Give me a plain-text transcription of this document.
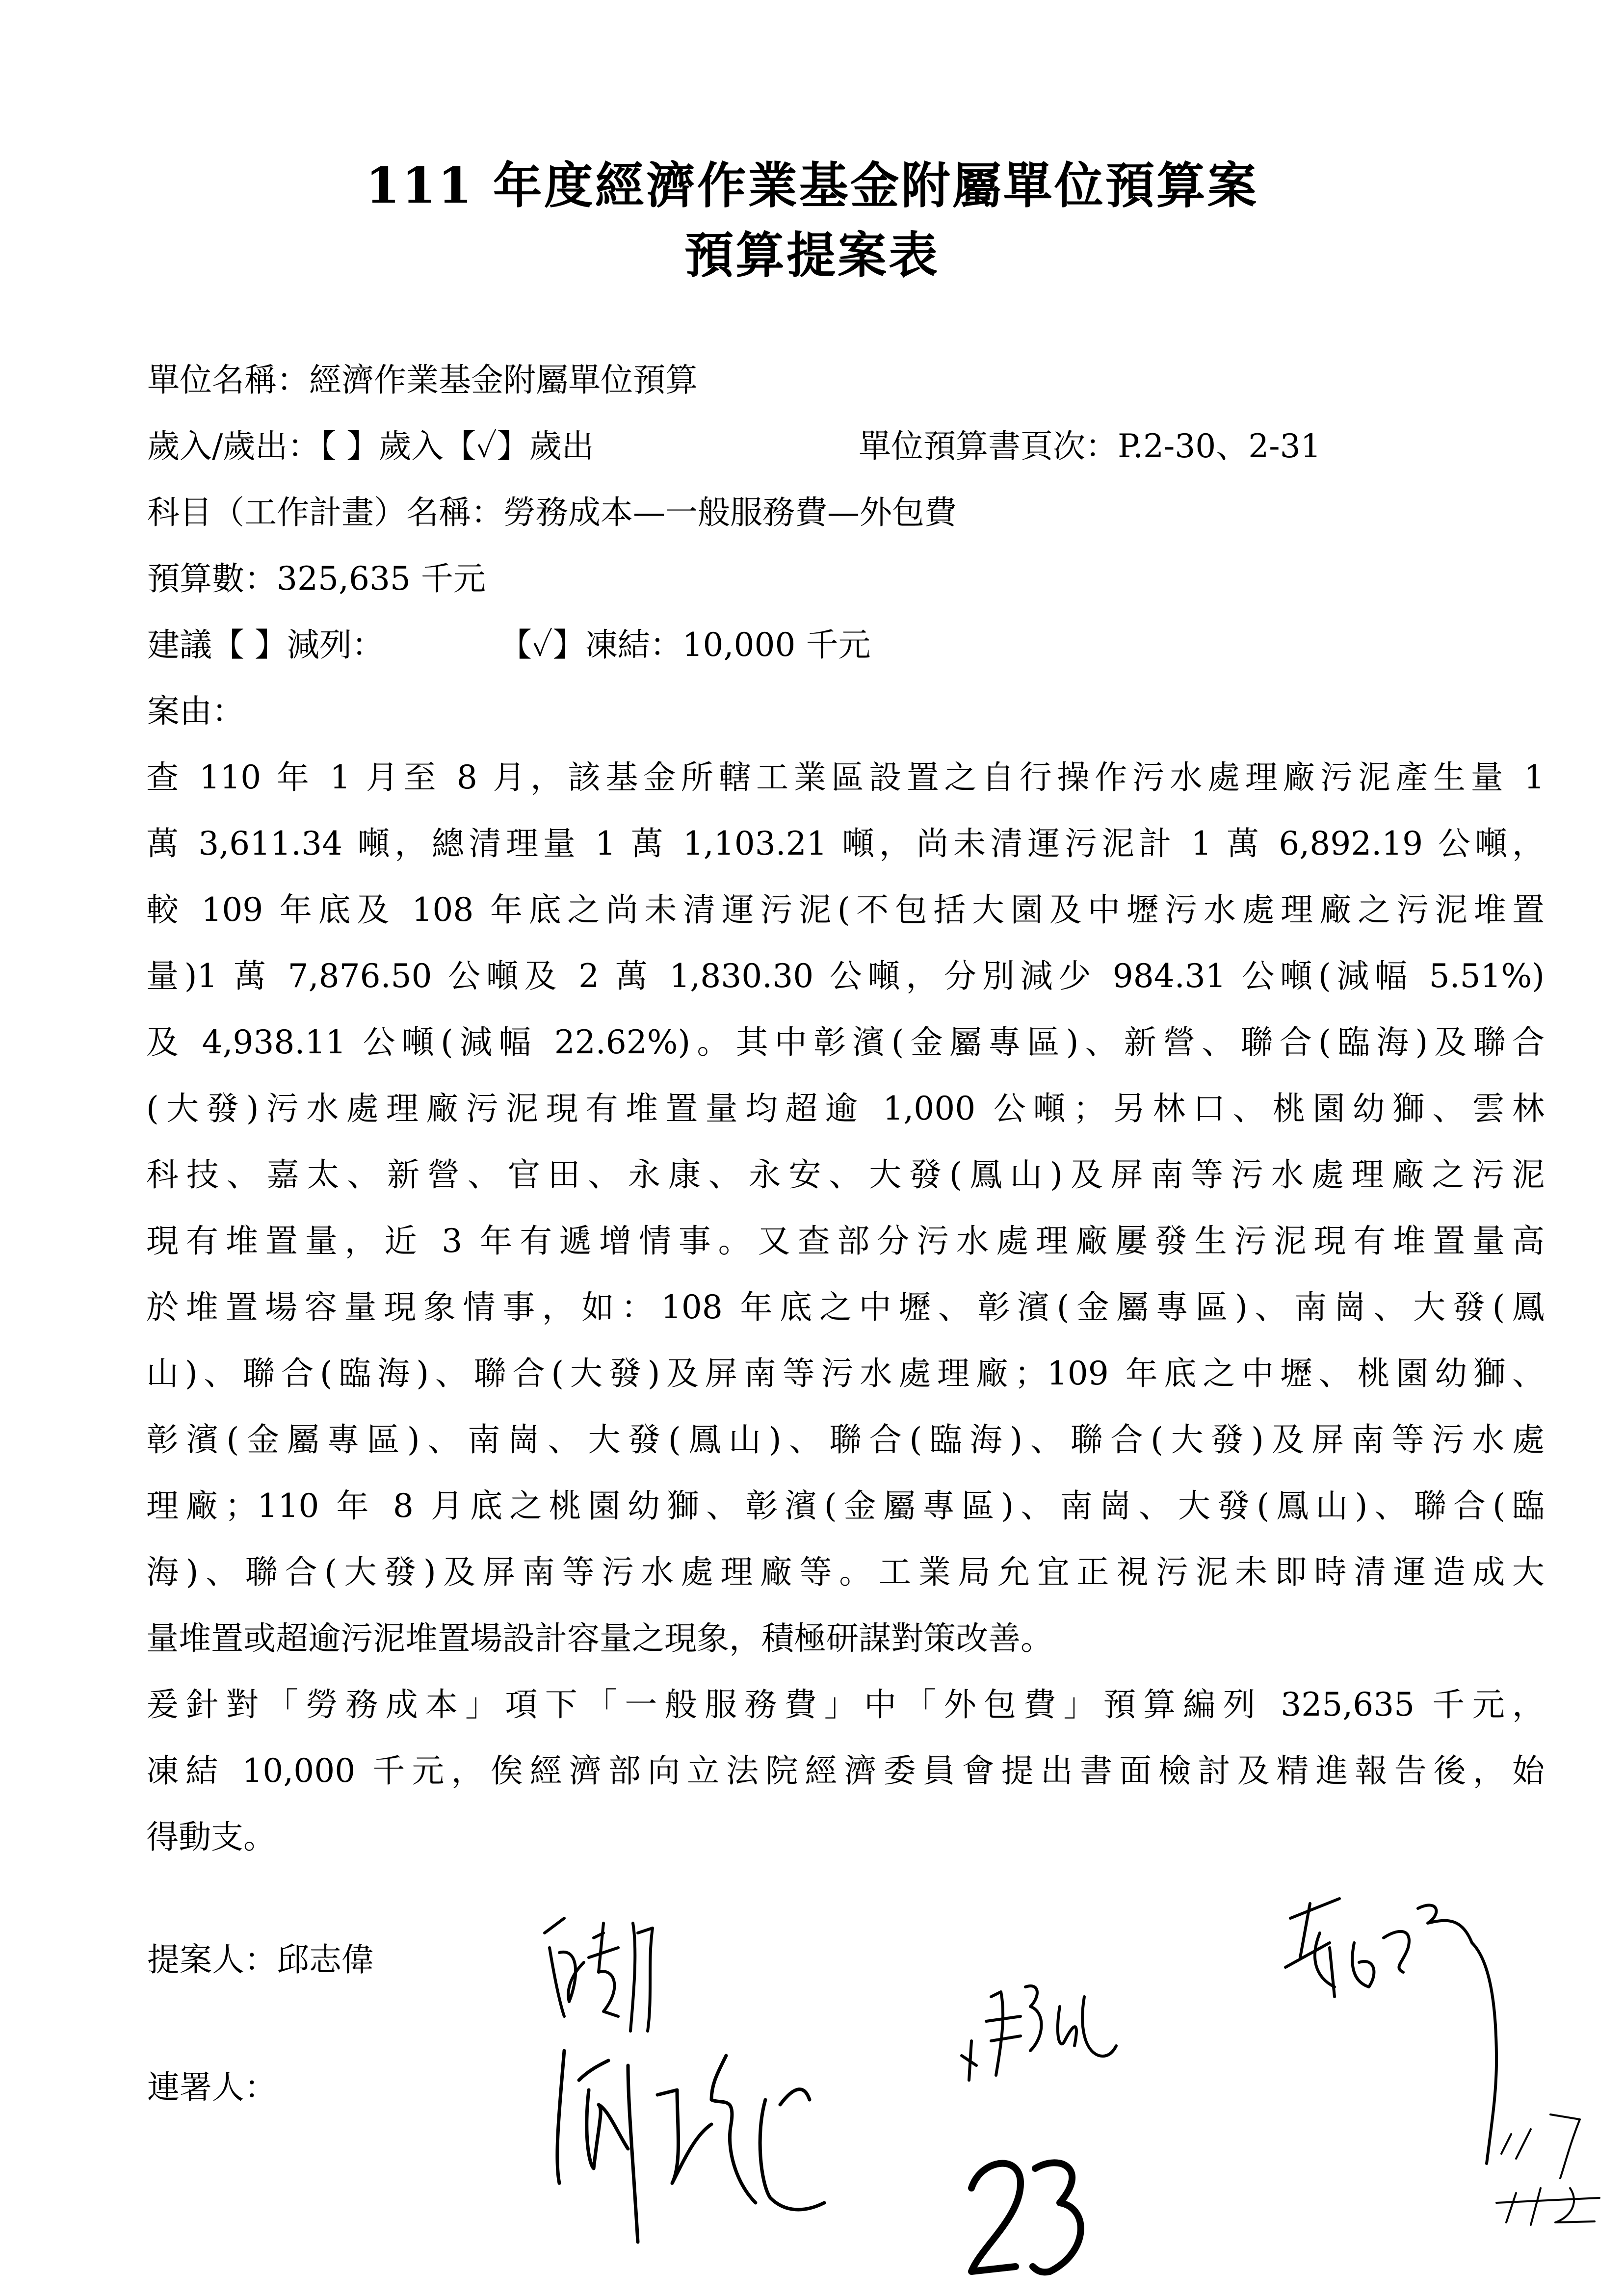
111 年度經濟作業基金附屬單位預算案
預算提案表
單位名稱：經濟作業基金附屬單位預算
歲入/歲出：【 】歲入【✓】歲出	單位預算書頁次：P.2-30、2-31
科目（工作計畫）名稱：勞務成本—一般服務費—外包費
預算數：325,635 千元
建議【 】減列：	【✓】凍結：10,000 千元
案由：
查 110 年 1 月至 8 月，該基金所轄工業區設置之自行操作污水處理廠污泥產生量 1
萬 3,611.34 噸，總清理量 1 萬 1,103.21 噸，尚未清運污泥計 1 萬 6,892.19 公噸，
較 109 年底及 108 年底之尚未清運污泥(不包括大園及中壢污水處理廠之污泥堆置
量)1 萬 7,876.50 公噸及 2 萬 1,830.30 公噸，分別減少 984.31 公噸(減幅 5.51%)
及 4,938.11 公噸(減幅 22.62%)。其中彰濱(金屬專區)、新營、聯合(臨海)及聯合
(大發)污水處理廠污泥現有堆置量均超逾 1,000 公噸；另林口、桃園幼獅、雲林
科技、嘉太、新營、官田、永康、永安、大發(鳳山)及屏南等污水處理廠之污泥
現有堆置量，近 3 年有遞增情事。又查部分污水處理廠屢發生污泥現有堆置量高
於堆置場容量現象情事，如：108 年底之中壢、彰濱(金屬專區)、南崗、大發(鳳
山)、聯合(臨海)、聯合(大發)及屏南等污水處理廠；109 年底之中壢、桃園幼獅、
彰濱(金屬專區)、南崗、大發(鳳山)、聯合(臨海)、聯合(大發)及屏南等污水處
理廠；110 年 8 月底之桃園幼獅、彰濱(金屬專區)、南崗、大發(鳳山)、聯合(臨
海)、聯合(大發)及屏南等污水處理廠等。工業局允宜正視污泥未即時清運造成大
量堆置或超逾污泥堆置場設計容量之現象，積極研謀對策改善。
爰針對「勞務成本」項下「一般服務費」中「外包費」預算編列 325,635 千元，
凍結 10,000 千元，俟經濟部向立法院經濟委員會提出書面檢討及精進報告後，始
得動支。
提案人：邱志偉
連署人：
